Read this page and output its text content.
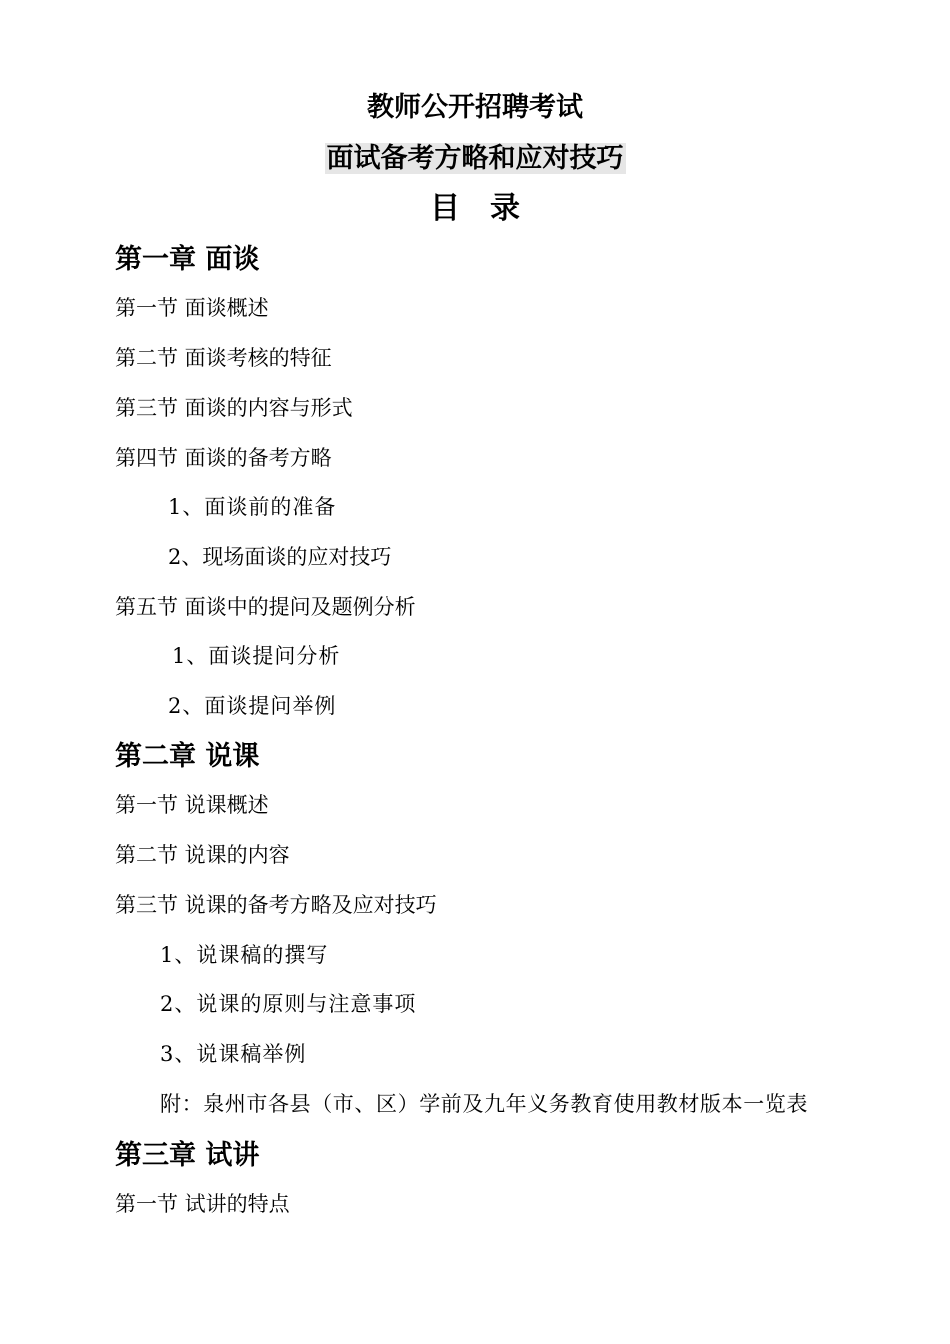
教师公开招聘考试
面试备考方略和应对技巧
目录
第一章 面谈
第一节 面谈概述
第二节 面谈考核的特征
第三节 面谈的内容与形式
第四节 面谈的备考方略
1、面谈前的准备
2、现场面谈的应对技巧
第五节 面谈中的提问及题例分析
1、面谈提问分析
2、面谈提问举例
第二章 说课
第一节 说课概述
第二节 说课的内容
第三节 说课的备考方略及应对技巧
1、说课稿的撰写
2、说课的原则与注意事项
3、说课稿举例
附：泉州市各县（市、区）学前及九年义务教育使用教材版本一览表
第三章 试讲
第一节 试讲的特点
